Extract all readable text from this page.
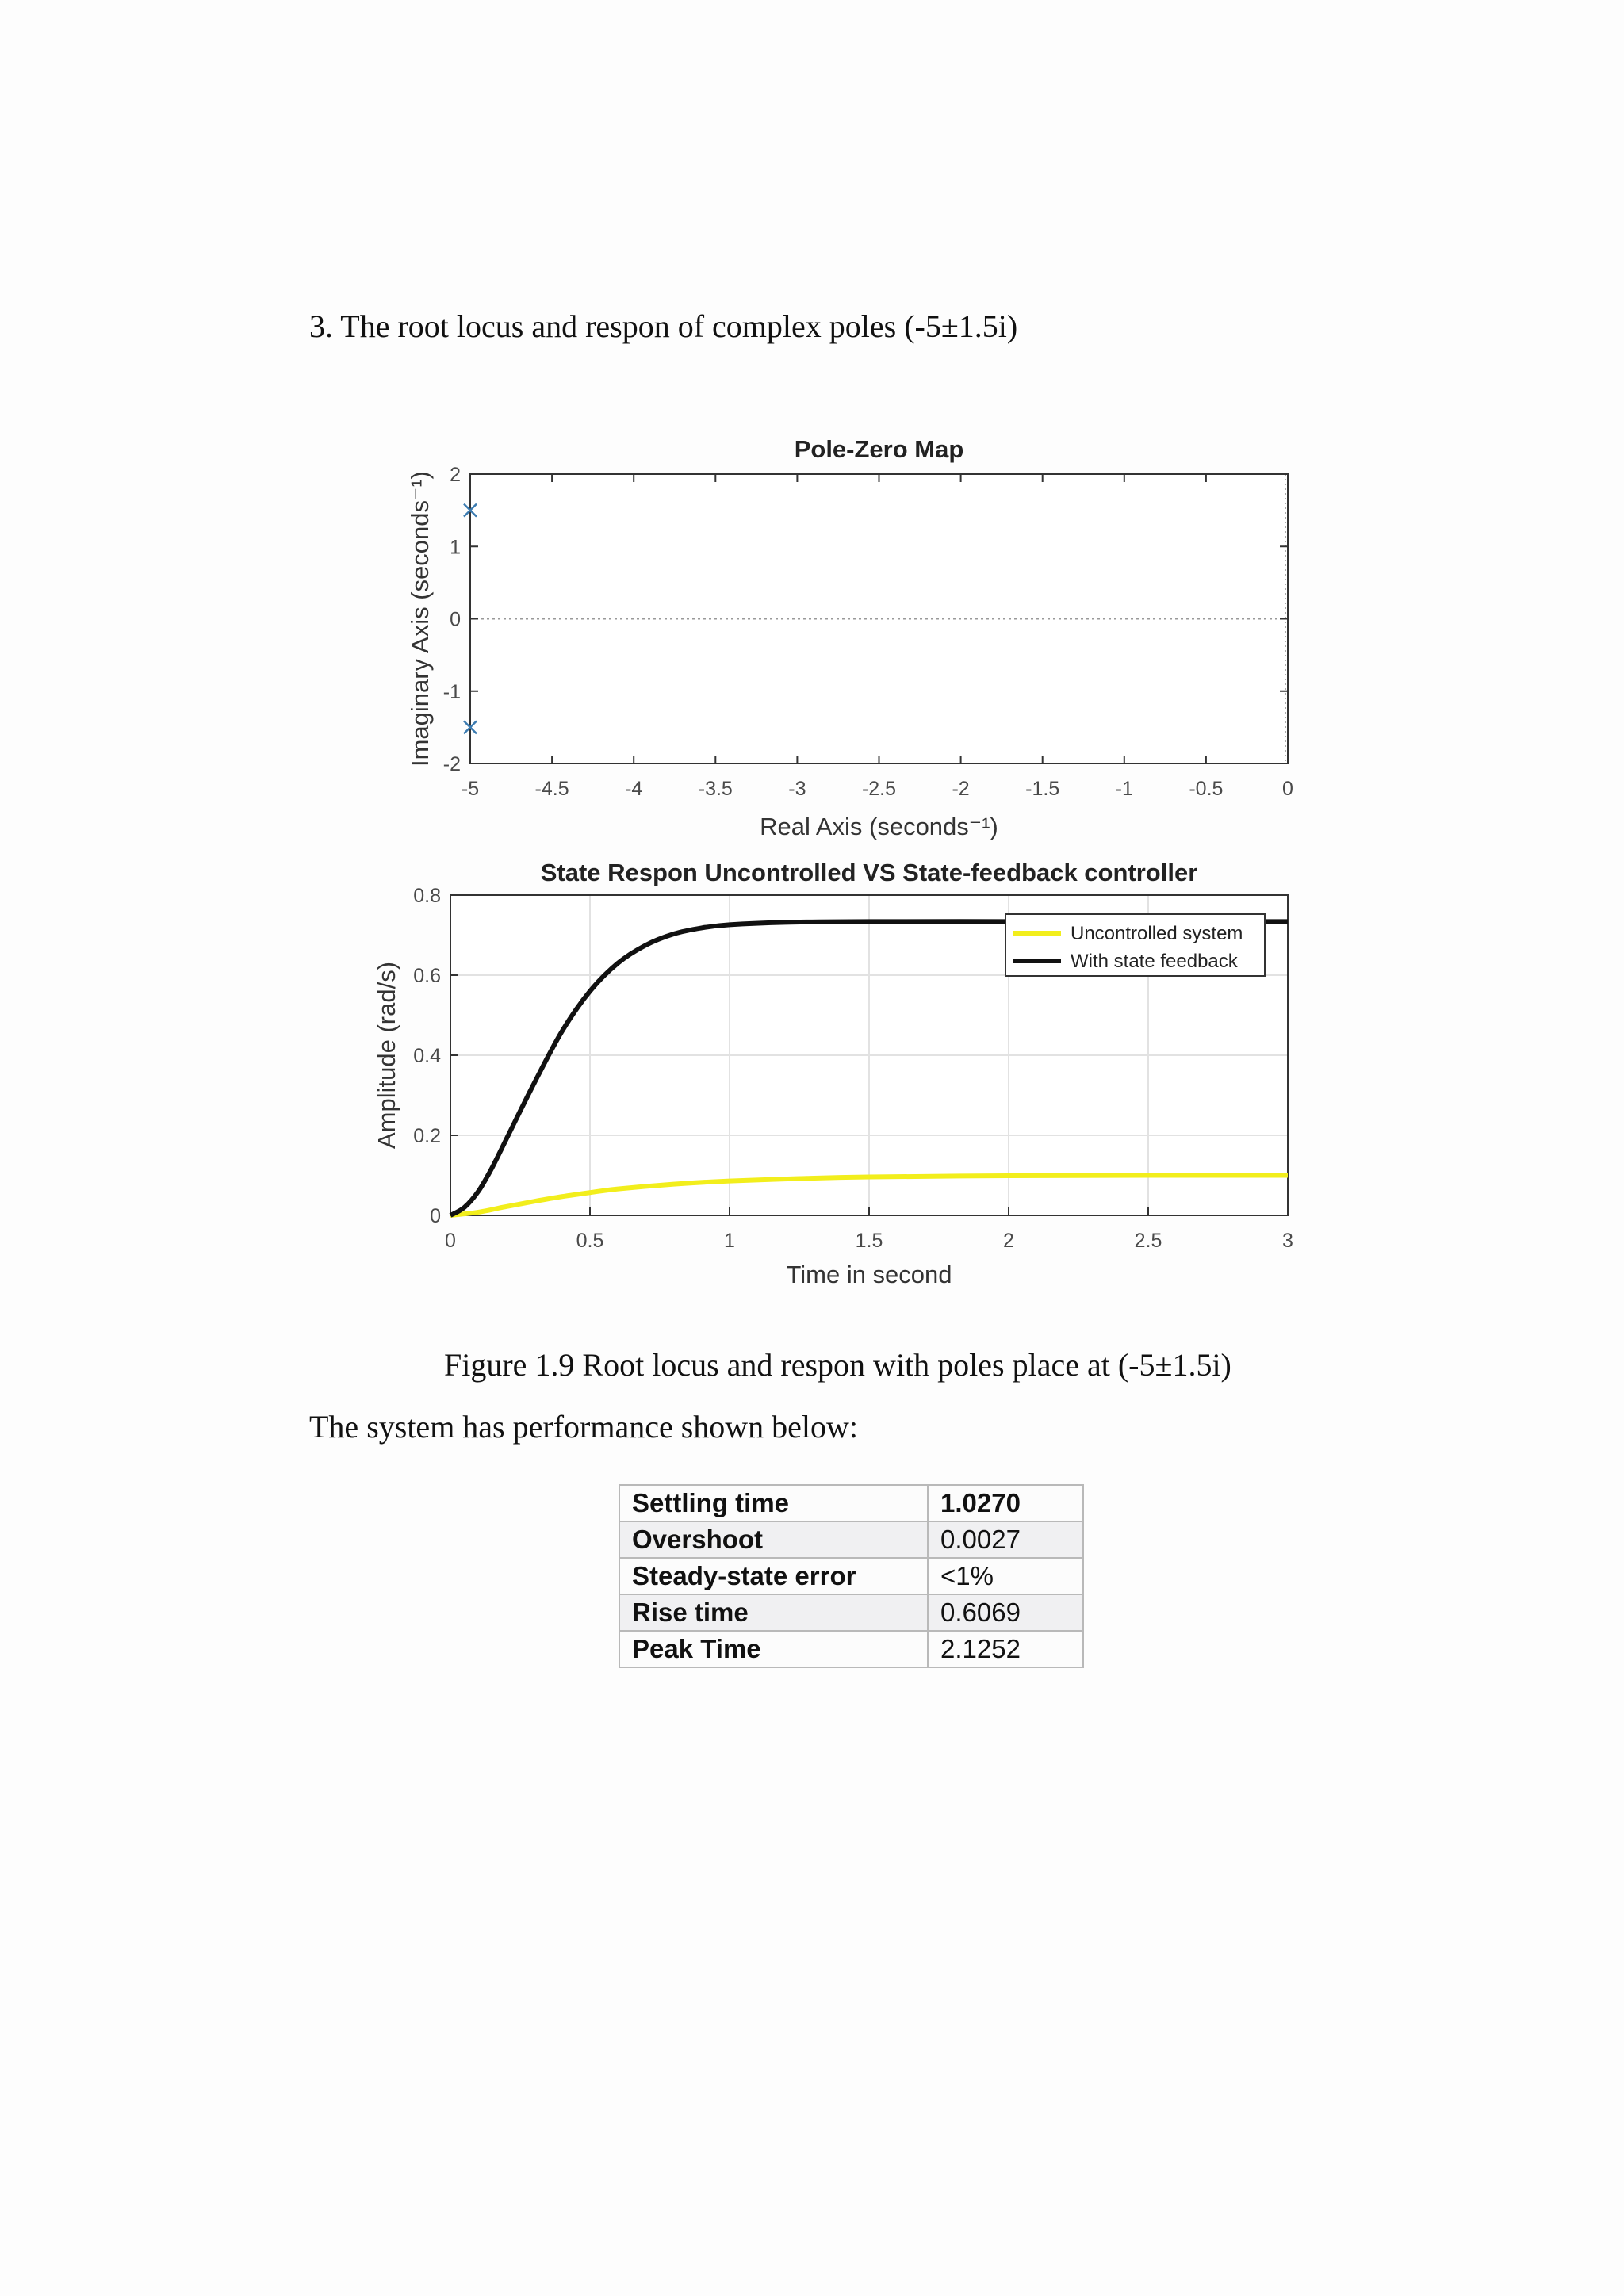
3. The root locus and respon of complex poles (-5±1.5i)
-5	-4.5	-4	-3.5	-3	-2.5	-2	-1.5	-1	-0.5	0
-2
-1
0
1
2
Pole-Zero Map
Real Axis (seconds⁻¹)
Imaginary Axis (seconds⁻¹)
0	0.5	1	1.5	2	2.5	3
0
0.2
0.4
0.6
0.8
Uncontrolled system
With state feedback
State Respon Uncontrolled VS State-feedback controller
Time in second
Amplitude (rad/s)
Figure 1.9 Root locus and respon with poles place at (-5±1.5i)
The system has performance shown below:
Settling time	1.0270
Overshoot	0.0027
Steady-state error	<1%
Rise time	0.6069
Peak Time	2.1252
